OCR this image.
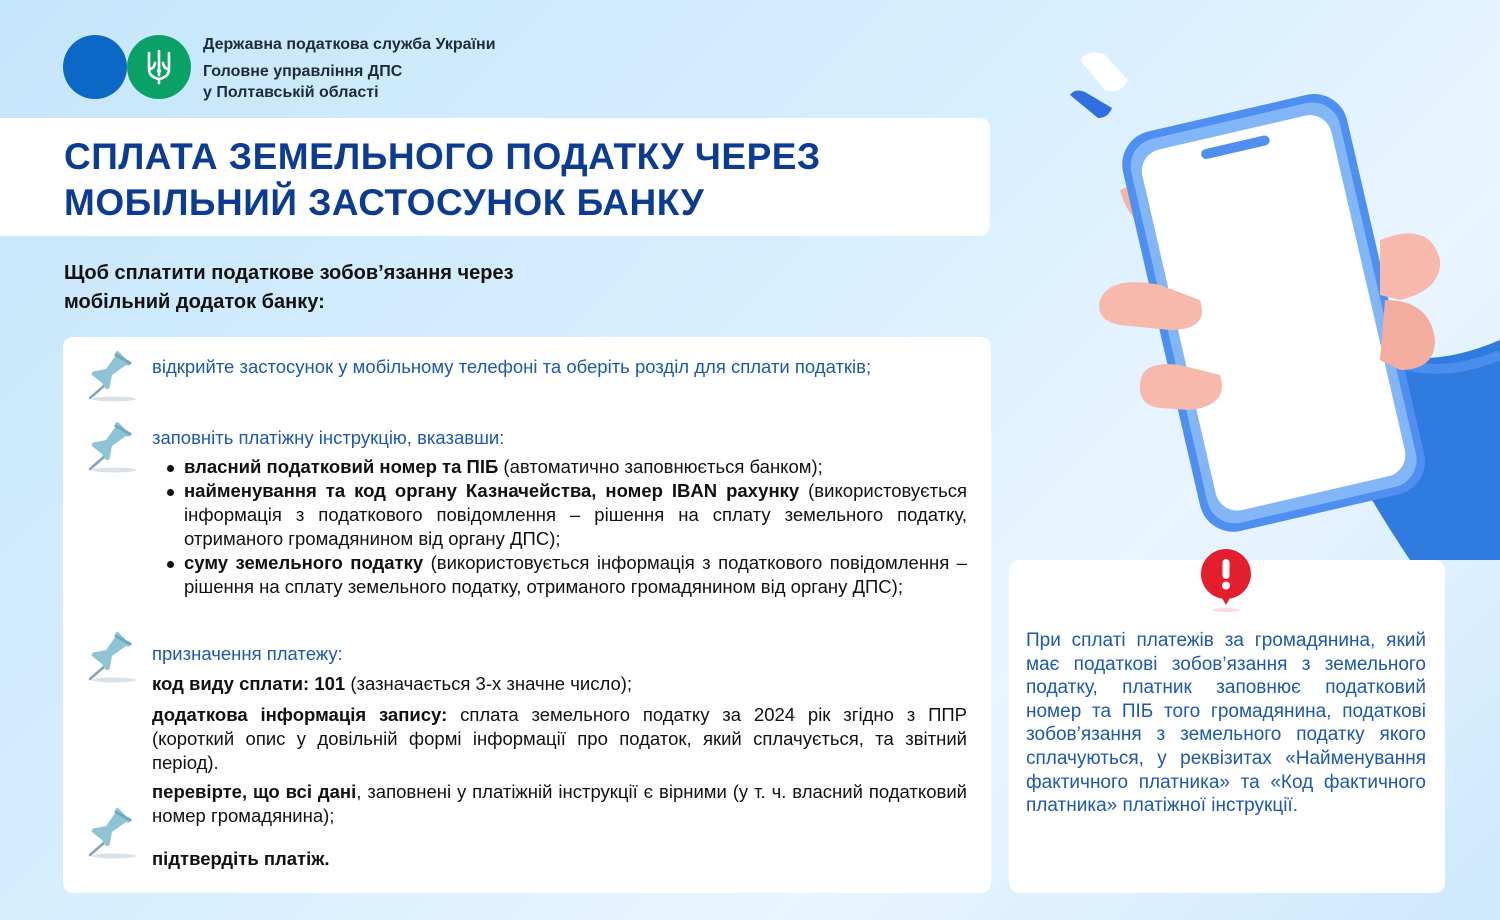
Державна податкова служба України
Головне управління ДПС
у Полтавській області
СПЛАТА ЗЕМЕЛЬНОГО ПОДАТКУ ЧЕРЕЗ
МОБІЛЬНИЙ ЗАСТОСУНОК БАНКУ
Щоб сплатити податкове зобов’язання через
мобільний додаток банку:
відкрийте застосунок у мобільному телефоні та оберіть розділ для сплати податків;
заповніть платіжну інструкцію, вказавши:
власний податковий номер та ПІБ (автоматично заповнюється банком);
найменування та код органу Казначейства, номер IBAN рахунку (використовується інформація з податкового повідомлення – рішення на сплату земельного податку, отриманого громадянином від органу ДПС);
суму земельного податку (використовується інформація з податкового повідомлення – рішення на сплату земельного податку, отриманого громадянином від органу ДПС);
призначення платежу:
код виду сплати: 101 (зазначається 3-х значне число);
додаткова інформація запису: сплата земельного податку за 2024 рік згідно з ППР (короткий опис у довільній формі інформації про податок, який сплачується, та звітний період).
перевірте, що всі дані, заповнені у платіжній інструкції є вірними (у т. ч. власний податковий номер громадянина);
підтвердіть платіж.
При сплаті платежів за громадянина, який має податкові зобов’язання з земельного податку, платник заповнює податковий номер та ПІБ того громадянина, податкові зобов’язання з земельного податку якого сплачуються, у реквізитах «Найменування фактичного платника» та «Код фактичного платника» платіжної інструкції.
